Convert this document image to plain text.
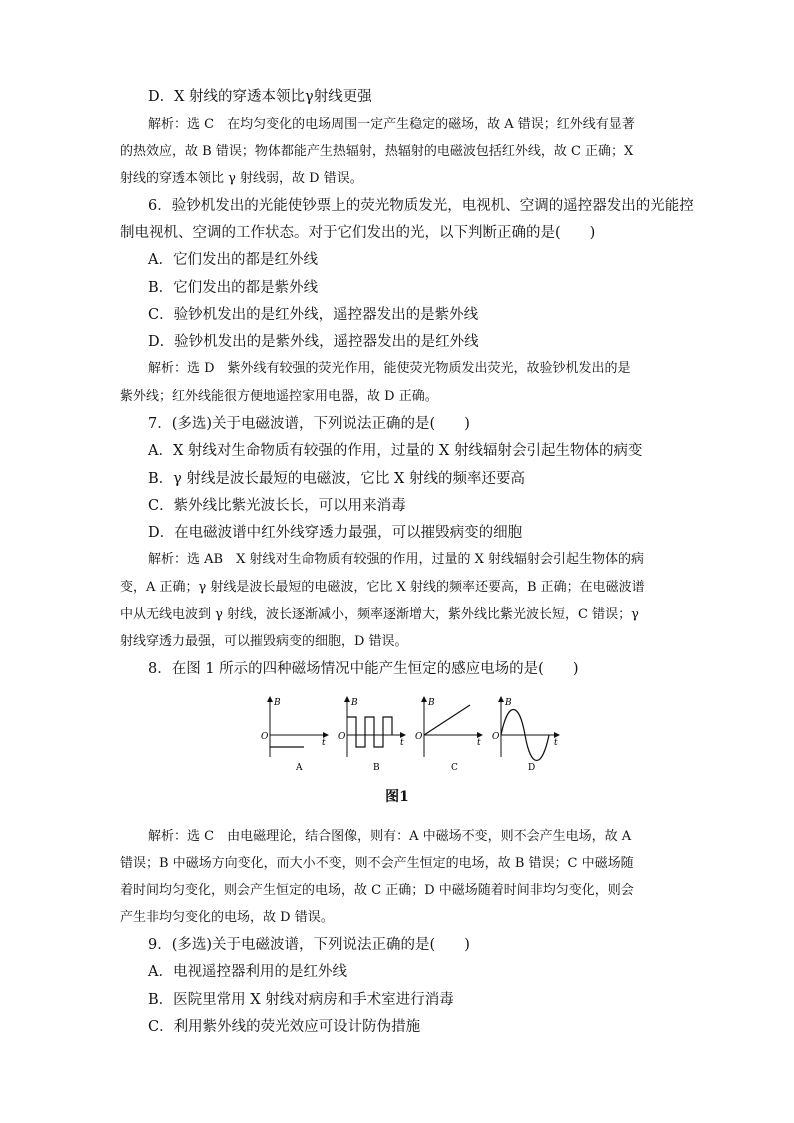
D．X 射线的穿透本领比γ射线更强
解析：选 C　在均匀变化的电场周围一定产生稳定的磁场，故 A 错误；红外线有显著
的热效应，故 B 错误；物体都能产生热辐射，热辐射的电磁波包括红外线，故 C 正确；X
射线的穿透本领比 γ 射线弱，故 D 错误。
6．验钞机发出的光能使钞票上的荧光物质发光，电视机、空调的遥控器发出的光能控
制电视机、空调的工作状态。对于它们发出的光，以下判断正确的是(　　)
A．它们发出的都是红外线
B．它们发出的都是紫外线
C．验钞机发出的是红外线，遥控器发出的是紫外线
D．验钞机发出的是紫外线，遥控器发出的是红外线
解析：选 D　紫外线有较强的荧光作用，能使荧光物质发出荧光，故验钞机发出的是
紫外线；红外线能很方便地遥控家用电器，故 D 正确。
7．(多选)关于电磁波谱，下列说法正确的是(　　)
A．X 射线对生命物质有较强的作用，过量的 X 射线辐射会引起生物体的病变
B．γ 射线是波长最短的电磁波，它比 X 射线的频率还要高
C．紫外线比紫光波长长，可以用来消毒
D．在电磁波谱中红外线穿透力最强，可以摧毁病变的细胞
解析：选 AB　X 射线对生命物质有较强的作用，过量的 X 射线辐射会引起生物体的病
变，A 正确；γ 射线是波长最短的电磁波，它比 X 射线的频率还要高，B 正确；在电磁波谱
中从无线电波到 γ 射线，波长逐渐减小，频率逐渐增大，紫外线比紫光波长短，C 错误；γ
射线穿透力最强，可以摧毁病变的细胞，D 错误。
8．在图 1 所示的四种磁场情况中能产生恒定的感应电场的是(　　)
解析：选 C　由电磁理论，结合图像，则有：A 中磁场不变，则不会产生电场，故 A
错误；B 中磁场方向变化，而大小不变，则不会产生恒定的电场，故 B 错误；C 中磁场随
着时间均匀变化，则会产生恒定的电场，故 C 正确；D 中磁场随着时间非均匀变化，则会
产生非均匀变化的电场，故 D 错误。
9．(多选)关于电磁波谱，下列说法正确的是(　　)
A．电视遥控器利用的是红外线
B．医院里常用 X 射线对病房和手术室进行消毒
C．利用紫外线的荧光效应可设计防伪措施
B
O
t
A
B
O
t
B
B
O
t
C
B
O
t
D
图1
